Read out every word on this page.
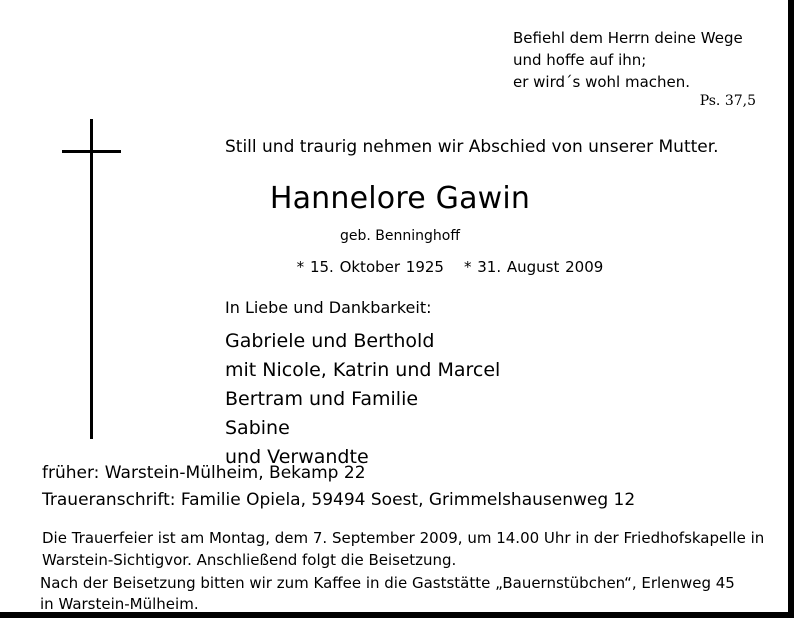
Befiehl dem Herrn deine Wege
und hoffe auf ihn;
er wird´s wohl machen.
Ps. 37,5
Still und traurig nehmen wir Abschied von unserer Mutter.
Hannelore Gawin
geb. Benninghoff
* 15. Oktober 1925 * 31. August 2009
In Liebe und Dankbarkeit:
Gabriele und Berthold
mit Nicole, Katrin und Marcel
Bertram und Familie
Sabine
und Verwandte
früher: Warstein-Mülheim, Bekamp 22
Traueranschrift: Familie Opiela, 59494 Soest, Grimmelshausenweg 12
Die Trauerfeier ist am Montag, dem 7. September 2009, um 14.00 Uhr in der Friedhofskapelle in
Warstein-Sichtigvor. Anschließend folgt die Beisetzung.
Nach der Beisetzung bitten wir zum Kaffee in die Gaststätte „Bauernstübchen“, Erlenweg 45
in Warstein-Mülheim.
